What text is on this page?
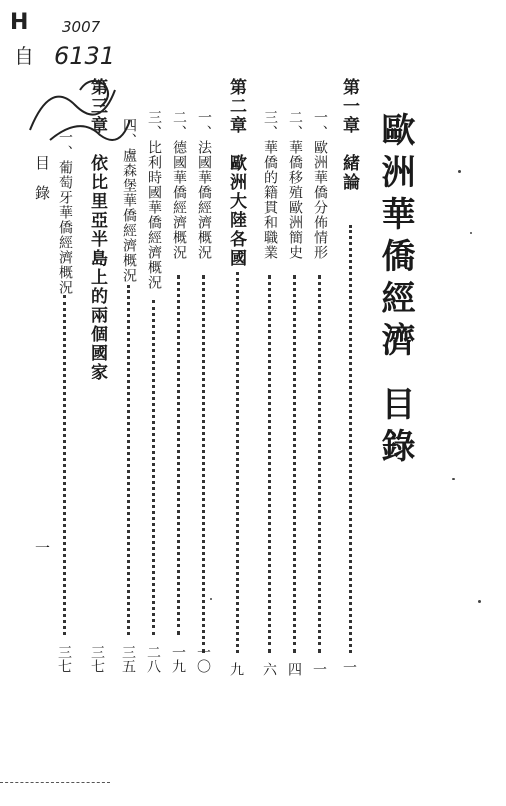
歐洲華僑經濟目錄
第一章　緒論
一
一、歐洲華僑分佈情形
一
二、華僑移殖歐洲簡史
四
三、華僑的籍貫和職業
六
第二章　歐洲大陸各國
九
一、法國華僑經濟概況
一〇
二、德國華僑經濟概況
一九
三、比利時國華僑經濟概況
二八
四、盧森堡華僑經濟概況
三五
第三章　依比里亞半島上的兩個國家
三七
一、葡萄牙華僑經濟概況
三七
目　錄
一
H
自
3007
6131
